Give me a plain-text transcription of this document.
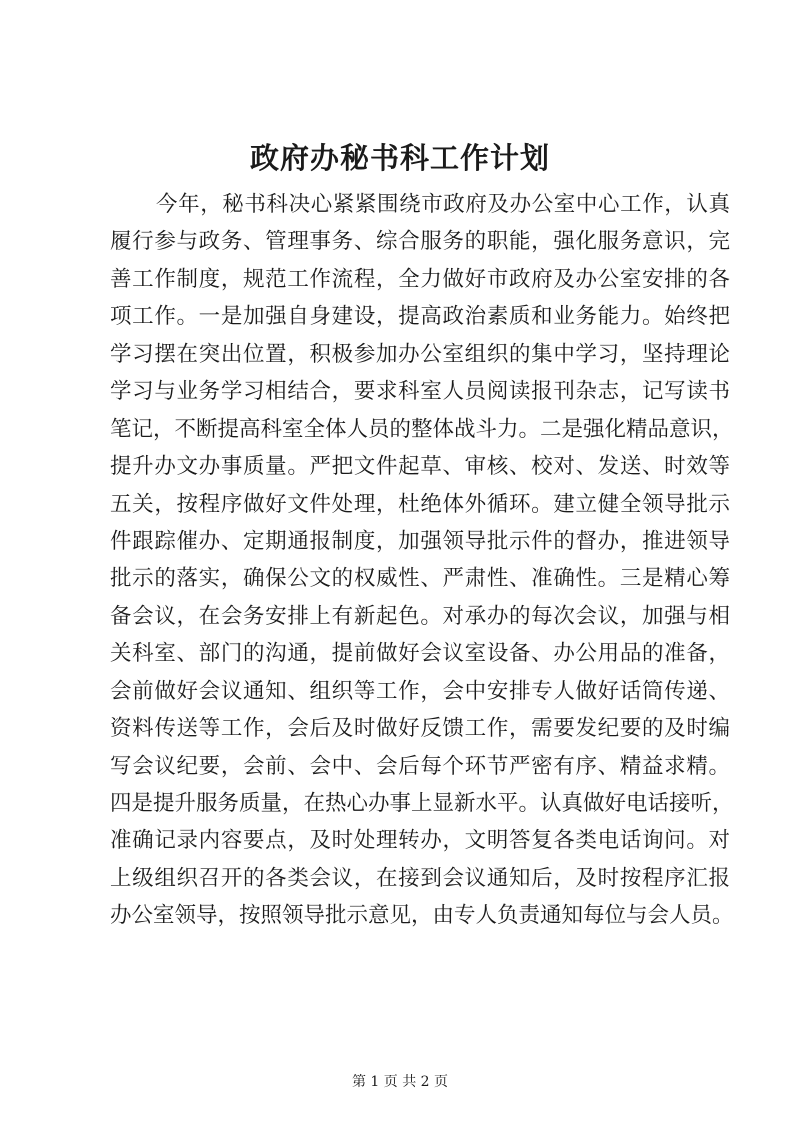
政府办秘书科工作计划
今年，秘书科决心紧紧围绕市政府及办公室中心工作，认真
履行参与政务、管理事务、综合服务的职能，强化服务意识，完
善工作制度，规范工作流程，全力做好市政府及办公室安排的各
项工作。一是加强自身建设，提高政治素质和业务能力。始终把
学习摆在突出位置，积极参加办公室组织的集中学习，坚持理论
学习与业务学习相结合，要求科室人员阅读报刊杂志，记写读书
笔记，不断提高科室全体人员的整体战斗力。二是强化精品意识，
提升办文办事质量。严把文件起草、审核、校对、发送、时效等
五关，按程序做好文件处理，杜绝体外循环。建立健全领导批示
件跟踪催办、定期通报制度，加强领导批示件的督办，推进领导
批示的落实，确保公文的权威性、严肃性、准确性。三是精心筹
备会议，在会务安排上有新起色。对承办的每次会议，加强与相
关科室、部门的沟通，提前做好会议室设备、办公用品的准备，
会前做好会议通知、组织等工作，会中安排专人做好话筒传递、
资料传送等工作，会后及时做好反馈工作，需要发纪要的及时编
写会议纪要，会前、会中、会后每个环节严密有序、精益求精。
四是提升服务质量，在热心办事上显新水平。认真做好电话接听，
准确记录内容要点，及时处理转办，文明答复各类电话询问。对
上级组织召开的各类会议，在接到会议通知后，及时按程序汇报
办公室领导，按照领导批示意见，由专人负责通知每位与会人员。
第 1 页 共 2 页
